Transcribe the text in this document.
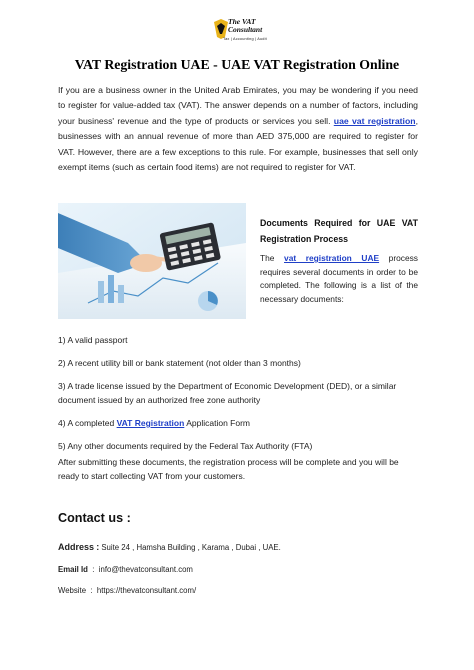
The VAT
Consultant
Tax | Accounting | Audit
VAT Registration UAE - UAE VAT Registration Online

If you are a business owner in the United Arab Emirates, you may be wondering if you need to register for value-added tax (VAT). The answer depends on a number of factors, including your business' revenue and the type of products or services you sell. uae vat registration, businesses with an annual revenue of more than AED 375,000 are required to register for VAT. However, there are a few exceptions to this rule. For example, businesses that sell only exempt items (such as certain food items) are not required to register for VAT.

Documents Required for UAE VAT Registration Process

The vat registration UAE process requires several documents in order to be completed. The following is a list of the necessary documents:

1) A valid passport

2) A recent utility bill or bank statement (not older than 3 months)

3) A trade license issued by the Department of Economic Development (DED), or a similar document issued by an authorized free zone authority

4) A completed VAT Registration Application Form

5) Any other documents required by the Federal Tax Authority (FTA)

After submitting these documents, the registration process will be complete and you will be ready to start collecting VAT from your customers.

Contact us :

Address : Suite 24 , Hamsha Building , Karama , Dubai , UAE.
Email Id : info@thevatconsultant.com
Website : https://thevatconsultant.com/
